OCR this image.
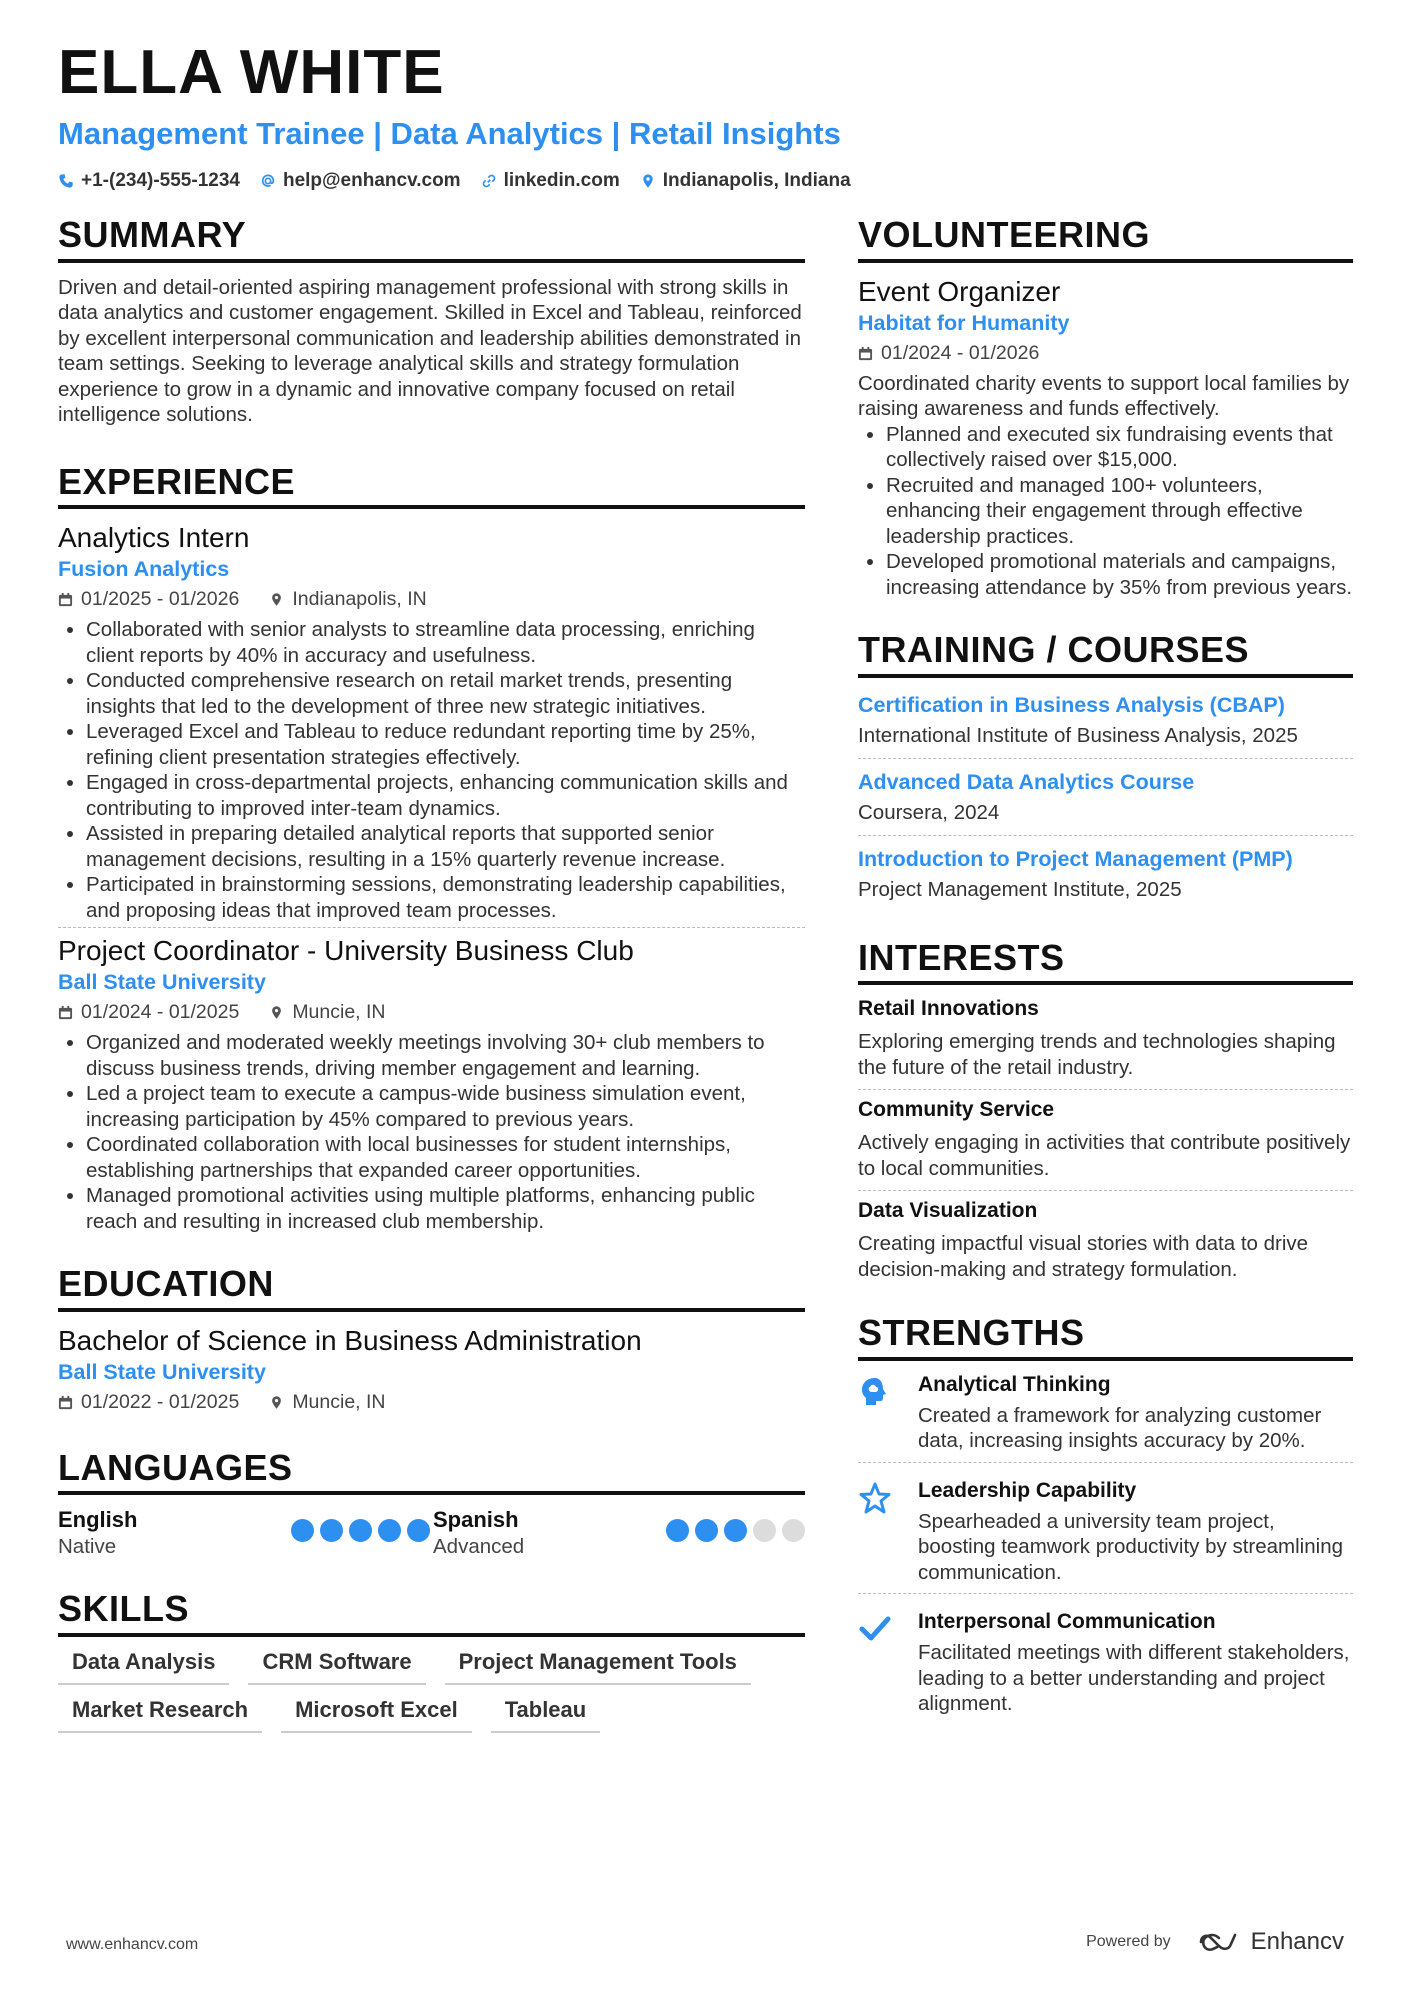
ELLA WHITE
Management Trainee | Data Analytics | Retail Insights
+1-(234)-555-1234 help@enhancv.com linkedin.com Indianapolis, Indiana
SUMMARY

Driven and detail-oriented aspiring management professional with strong skills in data analytics and customer engagement. Skilled in Excel and Tableau, reinforced by excellent interpersonal communication and leadership abilities demonstrated in team settings. Seeking to leverage analytical skills and strategy formulation experience to grow in a dynamic and innovative company focused on retail intelligence solutions.

EXPERIENCE

Analytics Intern

Fusion Analytics
01/2025 - 01/2026	Indianapolis, IN
• Collaborated with senior analysts to streamline data processing, enriching client reports by 40% in accuracy and usefulness.
• Conducted comprehensive research on retail market trends, presenting insights that led to the development of three new strategic initiatives.
• Leveraged Excel and Tableau to reduce redundant reporting time by 25%, refining client presentation strategies effectively.
• Engaged in cross-departmental projects, enhancing communication skills and contributing to improved inter-team dynamics.
• Assisted in preparing detailed analytical reports that supported senior management decisions, resulting in a 15% quarterly revenue increase.
• Participated in brainstorming sessions, demonstrating leadership capabilities, and proposing ideas that improved team processes.

Project Coordinator - University Business Club

Ball State University
01/2024 - 01/2025	Muncie, IN
• Organized and moderated weekly meetings involving 30+ club members to discuss business trends, driving member engagement and learning.
• Led a project team to execute a campus-wide business simulation event, increasing participation by 45% compared to previous years.
• Coordinated collaboration with local businesses for student internships, establishing partnerships that expanded career opportunities.
• Managed promotional activities using multiple platforms, enhancing public reach and resulting in increased club membership.
EDUCATION

Bachelor of Science in Business Administration

Ball State University
01/2022 - 01/2025	Muncie, IN
LANGUAGES
English
Native
Spanish
Advanced
SKILLS
Data Analysis	CRM Software	Project Management Tools
Market Research	Microsoft Excel	Tableau
VOLUNTEERING

Event Organizer

Habitat for Humanity
01/2024 - 01/2026

Coordinated charity events to support local families by raising awareness and funds effectively.

• Planned and executed six fundraising events that collectively raised over $15,000.
• Recruited and managed 100+ volunteers, enhancing their engagement through effective leadership practices.
• Developed promotional materials and campaigns, increasing attendance by 35% from previous years.
TRAINING / COURSES

Certification in Business Analysis (CBAP)

International Institute of Business Analysis, 2025

Advanced Data Analytics Course

Coursera, 2024

Introduction to Project Management (PMP)

Project Management Institute, 2025

INTERESTS

Retail Innovations

Exploring emerging trends and technologies shaping the future of the retail industry.

Community Service

Actively engaging in activities that contribute positively to local communities.

Data Visualization

Creating impactful visual stories with data to drive decision-making and strategy formulation.

STRENGTHS

Analytical Thinking

Created a framework for analyzing customer data, increasing insights accuracy by 20%.

Leadership Capability

Spearheaded a university team project, boosting teamwork productivity by streamlining communication.

Interpersonal Communication

Facilitated meetings with different stakeholders, leading to a better understanding and project alignment.

www.enhancv.com	Powered by	Enhancv
